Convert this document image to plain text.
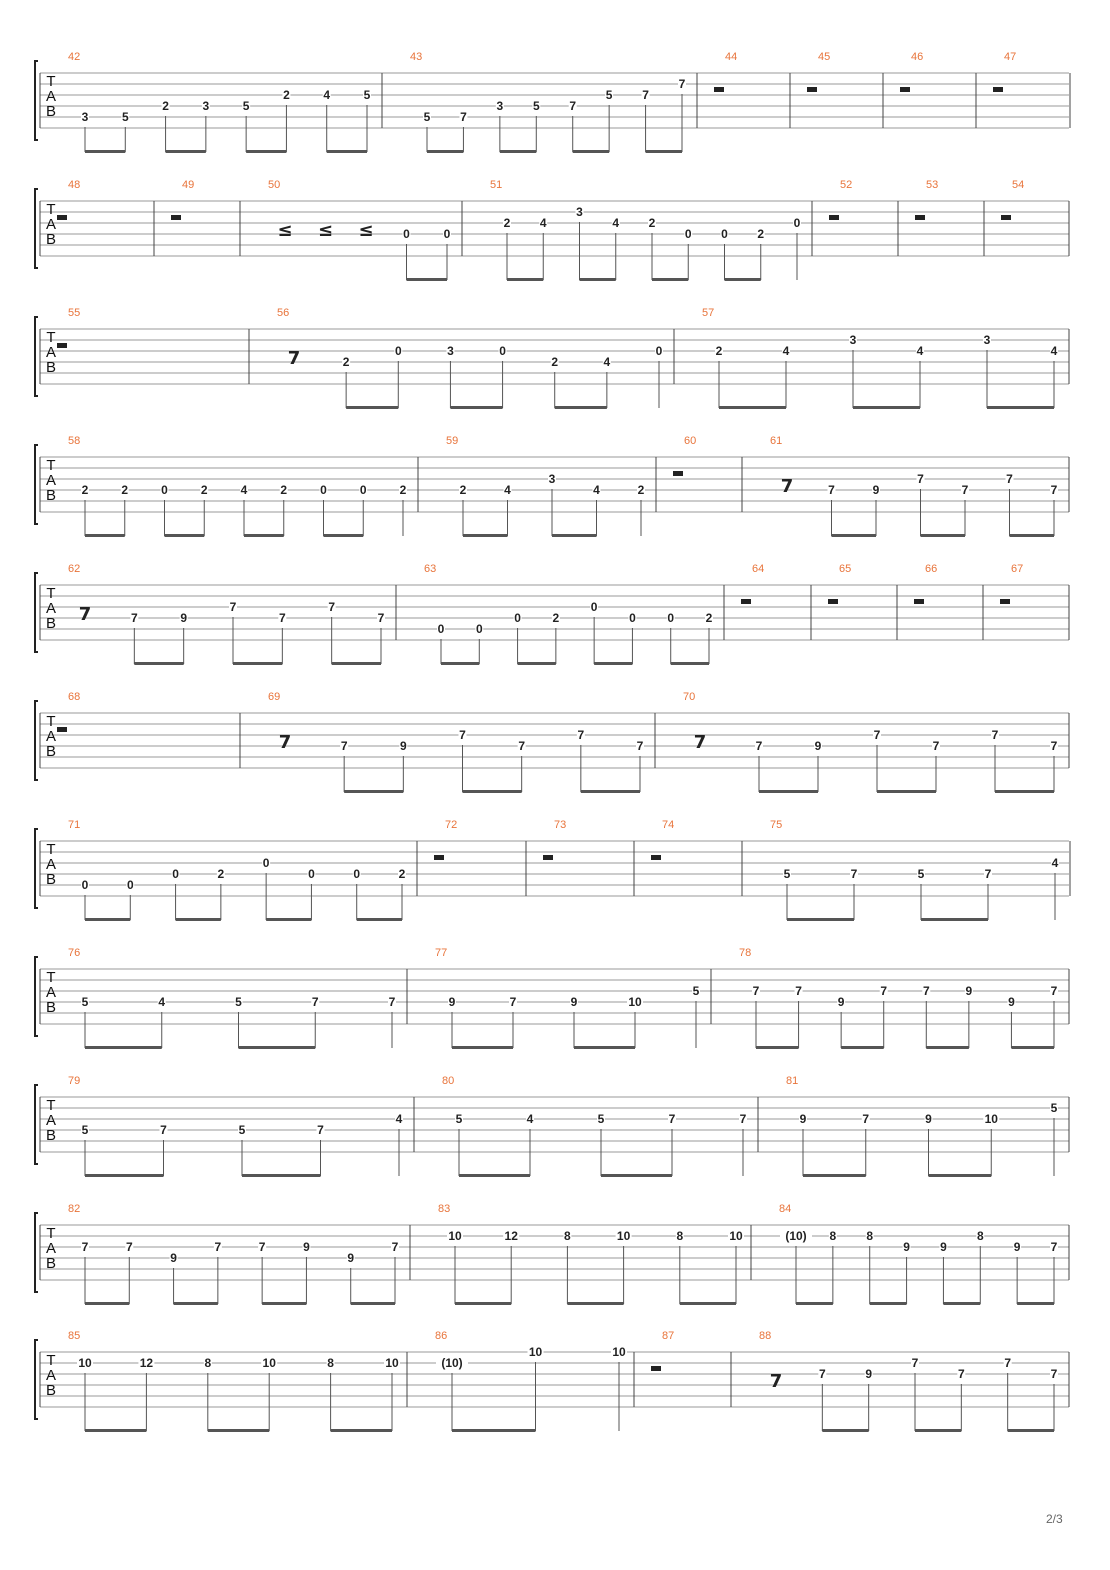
T
A
B
42
3	5
2	3	5
2	4	5
43
5 7
3 5 7
5 7
7
44	45	46	47
T
A
B
48	49	50
≤ ≤ ≤ 0	0
51
2 4
3
4 2
0 0 2
0
52	53	54
T
A
B
55	56
7	2
0	3	0
2	4
0
57
2	4
3
4
3
4
T
A
B
58
2	2	0	2	4	2	0	0	2
59
2	4
3
4	2
60	61
7	7	9
7
7
7
7
T
A
B
62
7	7	9
7
7
7
7
63
0	0
0	2
0
0	0	2
64	65	66	67
T
A
B
68	69
7	7	9
7
7
7
7
70
7	7	9
7
7
7
7
T
A
B
71
0	0
0	2
0
0	0	2
72	73	74	75
5	7	5	7
4
T
A
B
76
5	4	5	7	7
77
9	7	9	10
5
78
7	7
9
7	7	9
9
7
T
A
B
79
5	7	5	7
4
80
5	4	5	7	7
81
9	7	9	10
5
T
A
B
82
7	7
9
7	7	9
9
7
83
10	12	8	10	8	10
84
(10) 8	8
9	9
8
9	7
T
A
B
85
10	12	8	10	8	10
86
(10)
10	10
87	88
7	7	9
7
7
7
7
2/3
